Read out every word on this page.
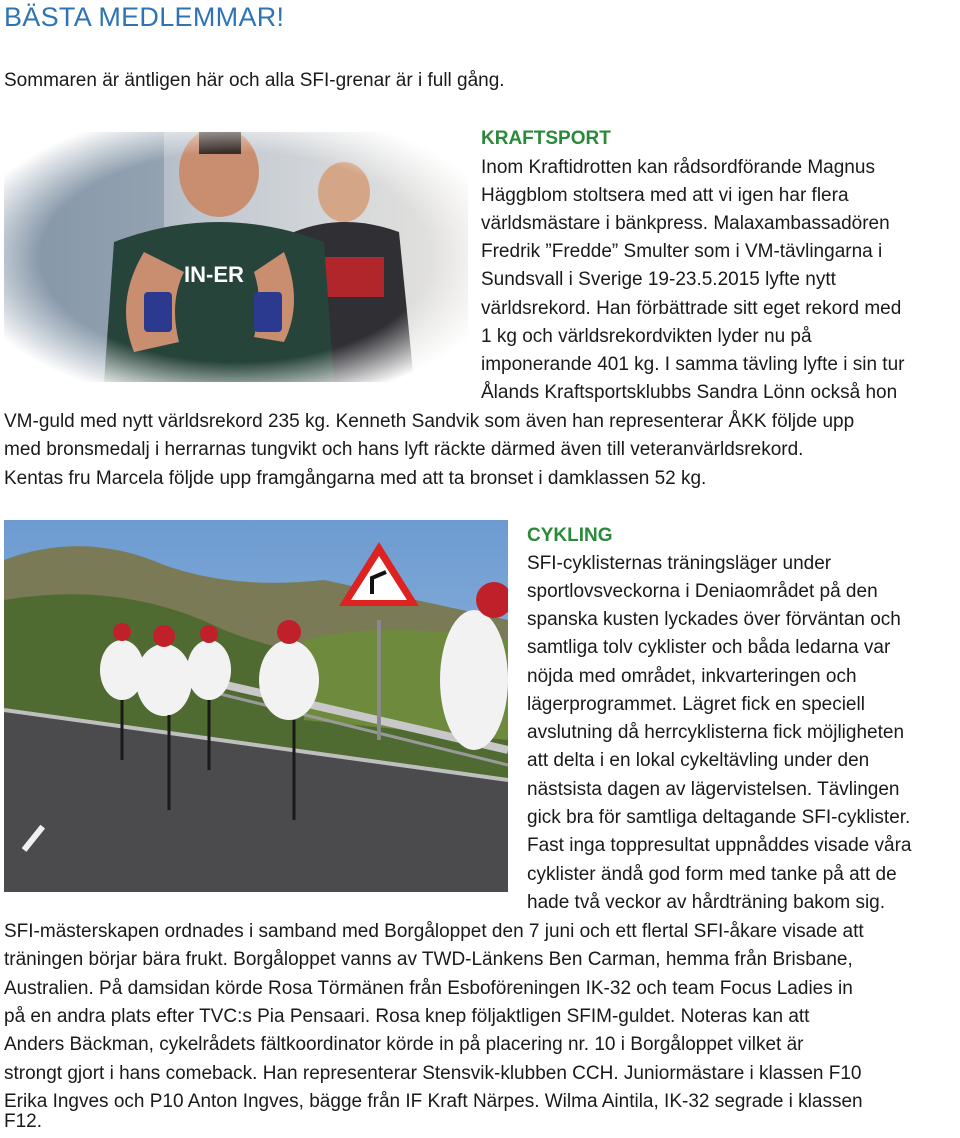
BÄSTA MEDLEMMAR!

Sommaren är äntligen här och alla SFI-grenar är i full gång.

KRAFTSPORT

Inom Kraftidrotten kan rådsordförande Magnus

Häggblom stoltsera med att vi igen har flera

världsmästare i bänkpress. Malaxambassadören

Fredrik ”Fredde” Smulter som i VM-tävlingarna i

Sundsvall i Sverige 19-23.5.2015 lyfte nytt

världsrekord. Han förbättrade sitt eget rekord med

1 kg och världsrekordvikten lyder nu på

imponerande 401 kg. I samma tävling lyfte i sin tur

Ålands Kraftsportsklubbs Sandra Lönn också hon

VM-guld med nytt världsrekord 235 kg. Kenneth Sandvik som även han representerar ÅKK följde upp

med bronsmedalj i herrarnas tungvikt och hans lyft räckte därmed även till veteranvärldsrekord.

Kentas fru Marcela följde upp framgångarna med att ta bronset i damklassen 52 kg.

CYKLING

SFI-cyklisternas träningsläger under

sportlovsveckorna i Deniaområdet på den

spanska kusten lyckades över förväntan och

samtliga tolv cyklister och båda ledarna var

nöjda med området, inkvarteringen och

lägerprogrammet. Lägret fick en speciell

avslutning då herrcyklisterna fick möjligheten

att delta i en lokal cykeltävling under den

nästsista dagen av lägervistelsen. Tävlingen

gick bra för samtliga deltagande SFI-cyklister.

Fast inga toppresultat uppnåddes visade våra

cyklister ändå god form med tanke på att de

hade två veckor av hårdträning bakom sig.

SFI-mästerskapen ordnades i samband med Borgåloppet den 7 juni och ett flertal SFI-åkare visade att

träningen börjar bära frukt. Borgåloppet vanns av TWD-Länkens Ben Carman, hemma från Brisbane,

Australien. På damsidan körde Rosa Törmänen från Esboföreningen IK-32 och team Focus Ladies in

på en andra plats efter TVC:s Pia Pensaari. Rosa knep följaktligen SFIM-guldet. Noteras kan att

Anders Bäckman, cykelrådets fältkoordinator körde in på placering nr. 10 i Borgåloppet vilket är

strongt gjort i hans comeback. Han representerar Stensvik-klubben CCH. Juniormästare i klassen F10

Erika Ingves och P10 Anton Ingves, bägge från IF Kraft Närpes. Wilma Aintila, IK-32 segrade i klassen

F12.
